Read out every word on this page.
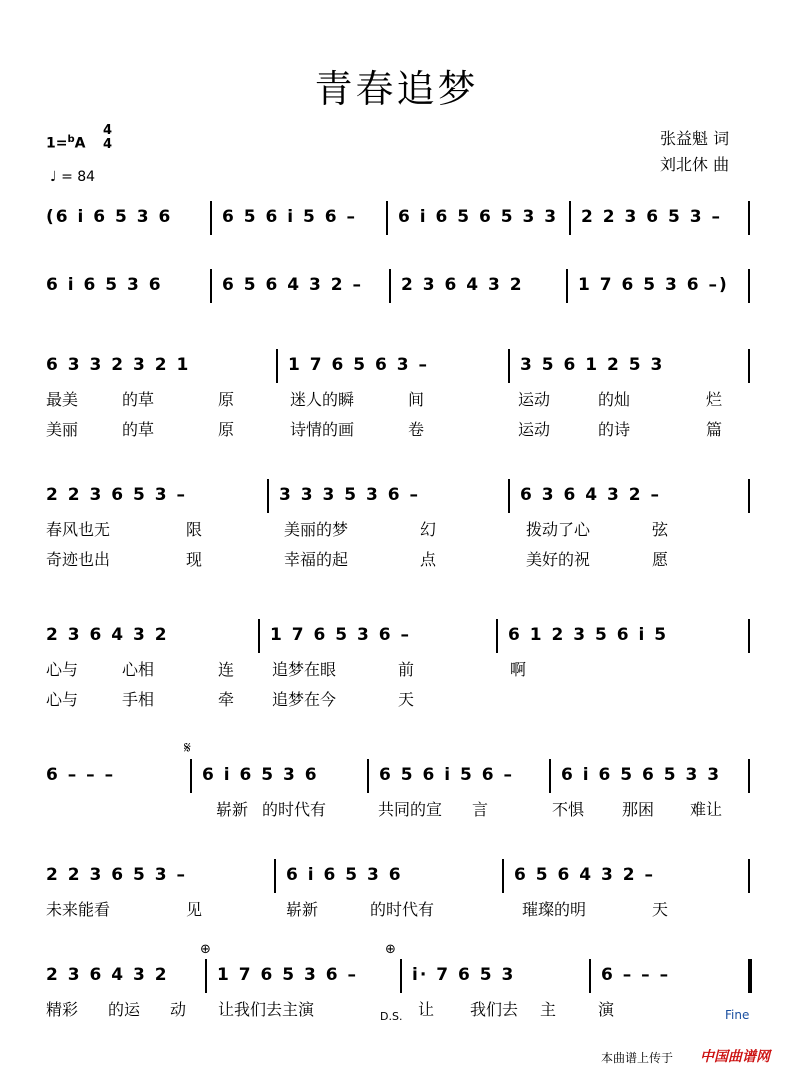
青春追梦
1=$^b$A
4
4
♩ = 84
张益魁 词
刘北休 曲
(6 i 6 5 3 6	6 5 6 i 5 6 – 6 i 6 5 6 5 3 3 2 2 3 6 5 3 –
6 i 6 5 3 6	6 5 6 4 3 2 – 2 3 6 4 3 2	1 7 6 5 3 6 –)
6 3 3 2 3 2 1	1 7 6 5 6 3 –	3 5 6 1 2 5 3
最美	的草	原	迷人的瞬	间	运动	的灿	烂
美丽	的草	原	诗情的画	卷	运动	的诗	篇
2 2 3 6 5 3 –	3 3 3 5 3 6 –	6 3 6 4 3 2 –
春风也无	限	美丽的梦	幻	拨动了心	弦
奇迹也出	现	幸福的起	点	美好的祝	愿
2 3 6 4 3 2	1 7 6 5 3 6 –	6 1 2 3 5 6 i 5
心与	心相	连 追梦在眼	前	啊
心与	手相	牵 追梦在今	天
6 – – –	6 i 6 5 3 6	6 5 6 i 5 6 –	6 i 6 5 6 5 3 3
崭新 的时代有	共同的宣 言	不惧 那困 难让
2 2 3 6 5 3 –	6 i 6 5 3 6	6 5 6 4 3 2 –
未来能看	见	崭新	的时代有	璀璨的明	天
2 3 6 4 3 2	1 7 6 5 3 6 –	i· 7 6 5 3	6 – – –
精彩 的运 动 让我们去主演	让 我们去 主	演
𝄋
⊕	⊕
D.S.	Fine
本曲谱上传于 中国曲谱网
